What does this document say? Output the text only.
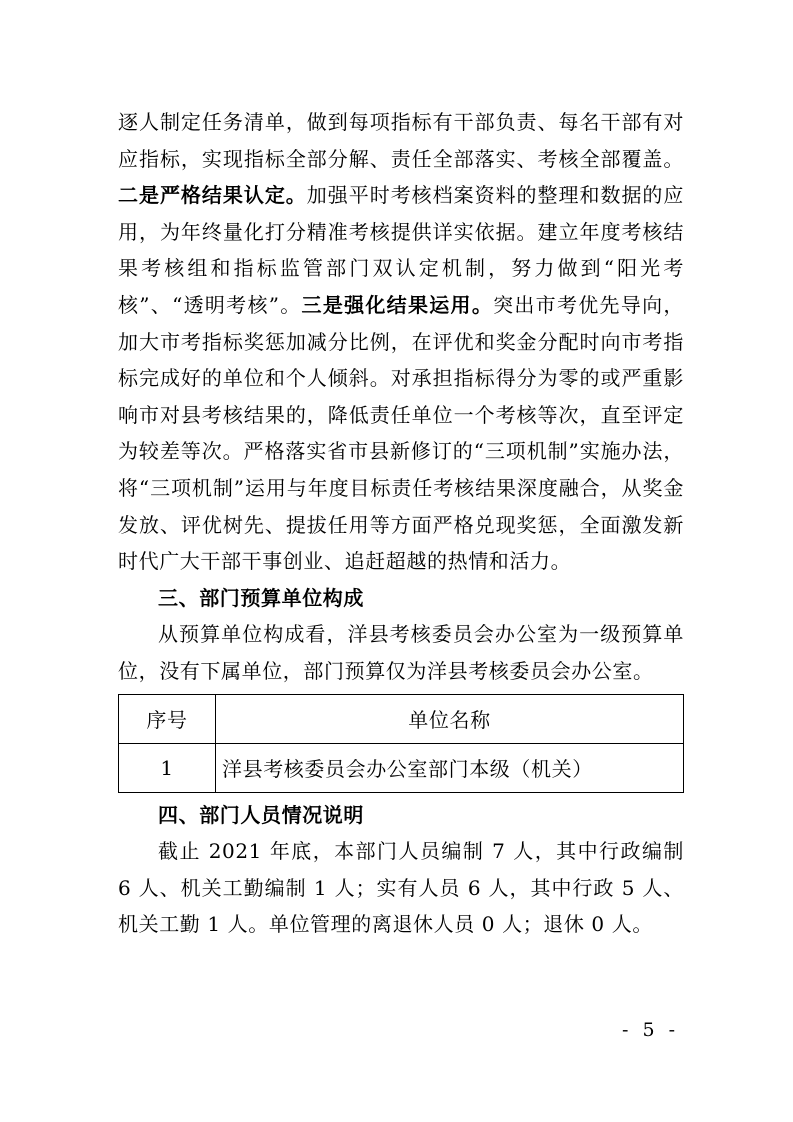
逐人制定任务清单，做到每项指标有干部负责、每名干部有对应指标，实现指标全部分解、责任全部落实、考核全部覆盖。二是严格结果认定。加强平时考核档案资料的整理和数据的应用，为年终量化打分精准考核提供详实依据。建立年度考核结果考核组和指标监管部门双认定机制，努力做到“阳光考核”、“透明考核”。三是强化结果运用。突出市考优先导向，加大市考指标奖惩加减分比例，在评优和奖金分配时向市考指标完成好的单位和个人倾斜。对承担指标得分为零的或严重影响市对县考核结果的，降低责任单位一个考核等次，直至评定为较差等次。严格落实省市县新修订的“三项机制”实施办法，将“三项机制”运用与年度目标责任考核结果深度融合，从奖金发放、评优树先、提拔任用等方面严格兑现奖惩，全面激发新时代广大干部干事创业、追赶超越的热情和活力。

三、部门预算单位构成

从预算单位构成看，洋县考核委员会办公室为一级预算单位，没有下属单位，部门预算仅为洋县考核委员会办公室。

序号	单位名称
1	洋县考核委员会办公室部门本级（机关）

四、部门人员情况说明

截止 2021 年底，本部门人员编制 7 人，其中行政编制 6 人、机关工勤编制 1 人；实有人员 6 人，其中行政 5 人、机关工勤 1 人。单位管理的离退休人员 0 人；退休 0 人。

- 5 -
